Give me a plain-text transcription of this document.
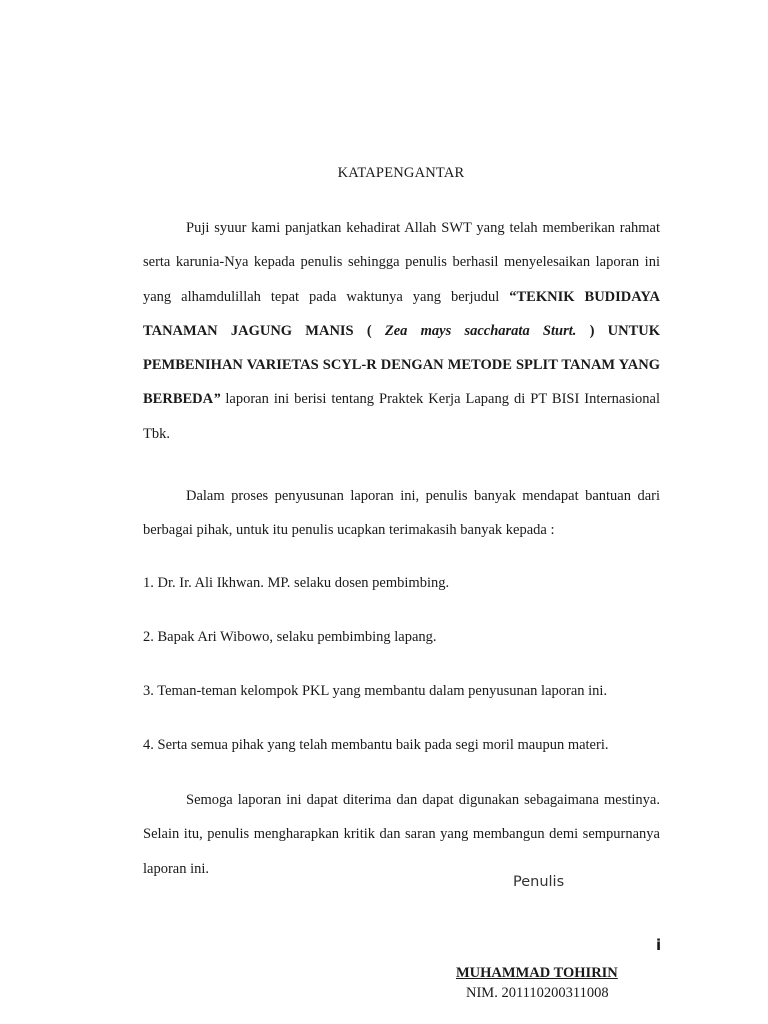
KATAPENGANTAR

Puji syuur kami panjatkan kehadirat Allah SWT yang telah memberikan rahmat serta karunia-Nya kepada penulis sehingga penulis berhasil menyelesaikan laporan ini yang alhamdulillah tepat pada waktunya yang berjudul “TEKNIK BUDIDAYA TANAMAN JAGUNG MANIS ( Zea mays saccharata Sturt. ) UNTUK PEMBENIHAN VARIETAS SCYL-R DENGAN METODE SPLIT TANAM YANG BERBEDA” laporan ini berisi tentang Praktek Kerja Lapang di PT BISI Internasional Tbk.

Dalam proses penyusunan laporan ini, penulis banyak mendapat bantuan dari berbagai pihak, untuk itu penulis ucapkan terimakasih banyak kepada :

1. Dr. Ir. Ali Ikhwan. MP. selaku dosen pembimbing.

2. Bapak Ari Wibowo, selaku pembimbing lapang.

3. Teman-teman kelompok PKL yang membantu dalam penyusunan laporan ini.

4. Serta semua pihak yang telah membantu baik pada segi moril maupun materi.

Semoga laporan ini dapat diterima dan dapat digunakan sebagaimana mestinya. Selain itu, penulis mengharapkan kritik dan saran yang membangun demi sempurnanya laporan ini.

Penulis
i
MUHAMMAD TOHIRIN
NIM. 201110200311008
